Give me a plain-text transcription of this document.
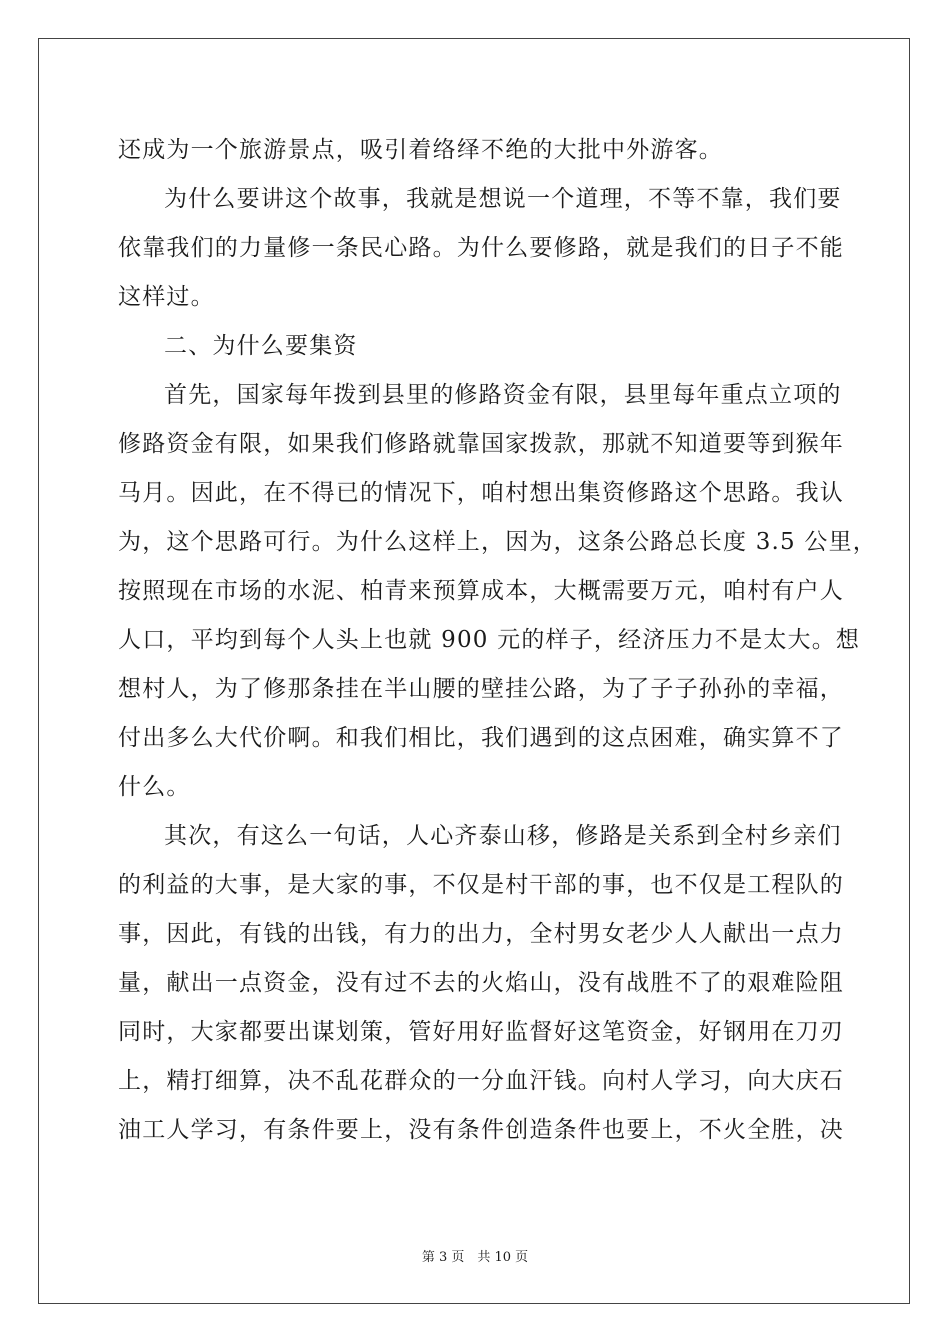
还成为一个旅游景点，吸引着络绎不绝的大批中外游客。
为什么要讲这个故事，我就是想说一个道理，不等不靠，我们要
依靠我们的力量修一条民心路。为什么要修路，就是我们的日子不能
这样过。
二、为什么要集资
首先，国家每年拨到县里的修路资金有限，县里每年重点立项的
修路资金有限，如果我们修路就靠国家拨款，那就不知道要等到猴年
马月。因此，在不得已的情况下，咱村想出集资修路这个思路。我认
为，这个思路可行。为什么这样上，因为，这条公路总长度 3.5 公里，
按照现在市场的水泥、柏青来预算成本，大概需要万元，咱村有户人
人口，平均到每个人头上也就 900 元的样子，经济压力不是太大。想
想村人，为了修那条挂在半山腰的壁挂公路，为了子子孙孙的幸福，
付出多么大代价啊。和我们相比，我们遇到的这点困难，确实算不了
什么。
其次，有这么一句话，人心齐泰山移，修路是关系到全村乡亲们
的利益的大事，是大家的事，不仅是村干部的事，也不仅是工程队的
事，因此，有钱的出钱，有力的出力，全村男女老少人人献出一点力
量，献出一点资金，没有过不去的火焰山，没有战胜不了的艰难险阻
同时，大家都要出谋划策，管好用好监督好这笔资金，好钢用在刀刃
上，精打细算，决不乱花群众的一分血汗钱。向村人学习，向大庆石
油工人学习，有条件要上，没有条件创造条件也要上，不火全胜，决
第 3 页　共 10 页
